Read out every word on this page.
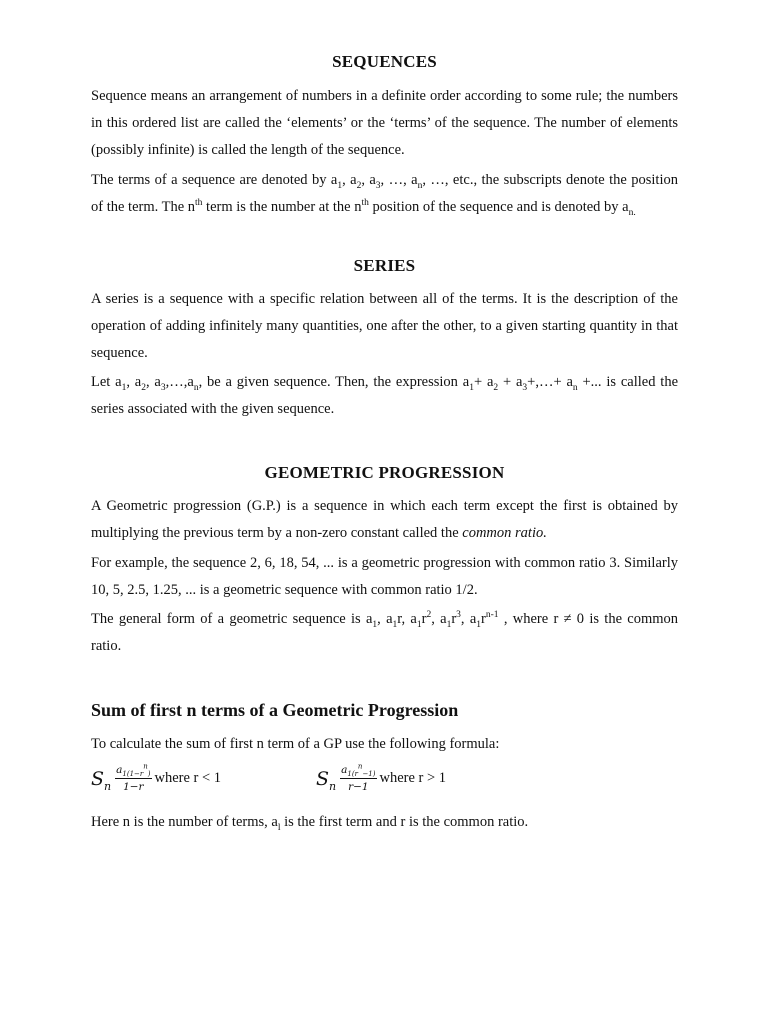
SEQUENCES

Sequence means an arrangement of numbers in a definite order according to some rule; the numbers in this ordered list are called the ‘elements’ or the ‘terms’ of the sequence. The number of elements (possibly infinite) is called the length of the sequence.

The terms of a sequence are denoted by $a_1$, $a_2$, $a_3$, …, $a_n$, …, etc., the subscripts denote the position of the term. The $n^{th}$ term is the number at the $n^{th}$ position of the sequence and is denoted by $a_{n.}$

SERIES

A series is a sequence with a specific relation between all of the terms. It is the description of the operation of adding infinitely many quantities, one after the other, to a given starting quantity in that sequence.

Let $a_1$, $a_2$, $a_3,\dots,a_n$, be a given sequence. Then, the expression $a_1+ a_2$ + $a_3+,\dots+ a_n$ +... is called the series associated with the given sequence.

GEOMETRIC PROGRESSION

A Geometric progression (G.P.) is a sequence in which each term except the first is obtained by multiplying the previous term by a non-zero constant called the common ratio.

For example, the sequence 2, 6, 18, 54, ... is a geometric progression with common ratio 3. Similarly 10, 5, 2.5, 1.25, ... is a geometric sequence with common ratio 1/2.

The general form of a geometric sequence is $a_1$, $a_1r$, $a_1r^2$, $a_1r^3$, $a_1r^{n-1}$ , where r ≠ 0 is the common ratio.

Sum of first n terms of a Geometric Progression

To calculate the sum of first n term of a GP use the following formula:

$S_n \frac{a_{1(1-r}^n_)}{1-r}$ where r < 1	$S_n \frac{a_{1(r}^n_{-1)}}{r-1}$ where r > 1

Here n is the number of terms, $a_l$ is the first term and r is the common ratio.
